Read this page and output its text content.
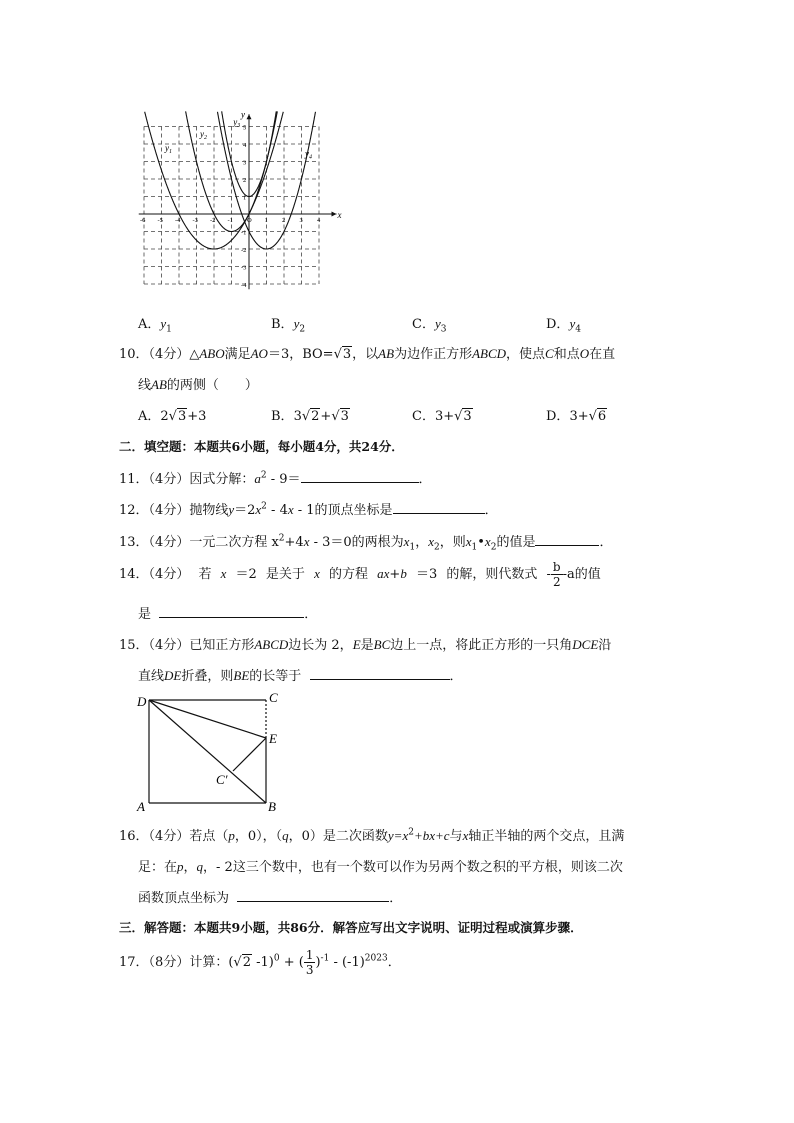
x
y
-6 -5 -4 -3 -2 -1 O 1 2 3 4
5
4
3
2
1
-1
-2
-3
-4
$y_1$
$y_2$
$y_3$
$y_4$
A．$y_1$	B．$y_2$	C．$y_3$	D．$y_4$
10．（4分）△ABO满足AO＝3，BO=√3，以AB为边作正方形ABCD，使点C和点O在直
线AB的两侧（　　）
A．2√3+3	B．3√2+√3	C．3+√3	D．3+√6
二．填空题：本题共6小题，每小题4分，共24分．
11．（4分）因式分解：$a^2 - 9=$	．
12．（4分）抛物线$y=2x^2 - 4x - 1$的顶点坐标是	．
13．（4分）一元二次方程 $x^2+4x - 3=0$的两根为$x_1$，$x_2$，则$x_1•x_2$的值是	．
14．（4分） 若 x ＝2 是关于 x 的方程 ax+b ＝3 的解，则代数式 - $\frac{b}{2} -a$的值
是	．
15．（4分）已知正方形ABCD边长为 2，E是BC边上一点，将此正方形的一只角DCE沿
直线DE折叠，则BE的长等于	．
D	C
E
C′
A	B
16．（4分）若点（p，0），（q，0）是二次函数$y=x^2+bx+c$与x轴正半轴的两个交点，且满
足：在p，q，- 2这三个数中，也有一个数可以作为另两个数之积的平方根，则该二次
函数顶点坐标为	．
三．解答题：本题共9小题，共86分．解答应写出文字说明、证明过程或演算步骤．
17．（8分）计算：(√2 -1)$^0$ + ( $\frac{1}{3} )^{-1} - (-1)^{2023}$．
